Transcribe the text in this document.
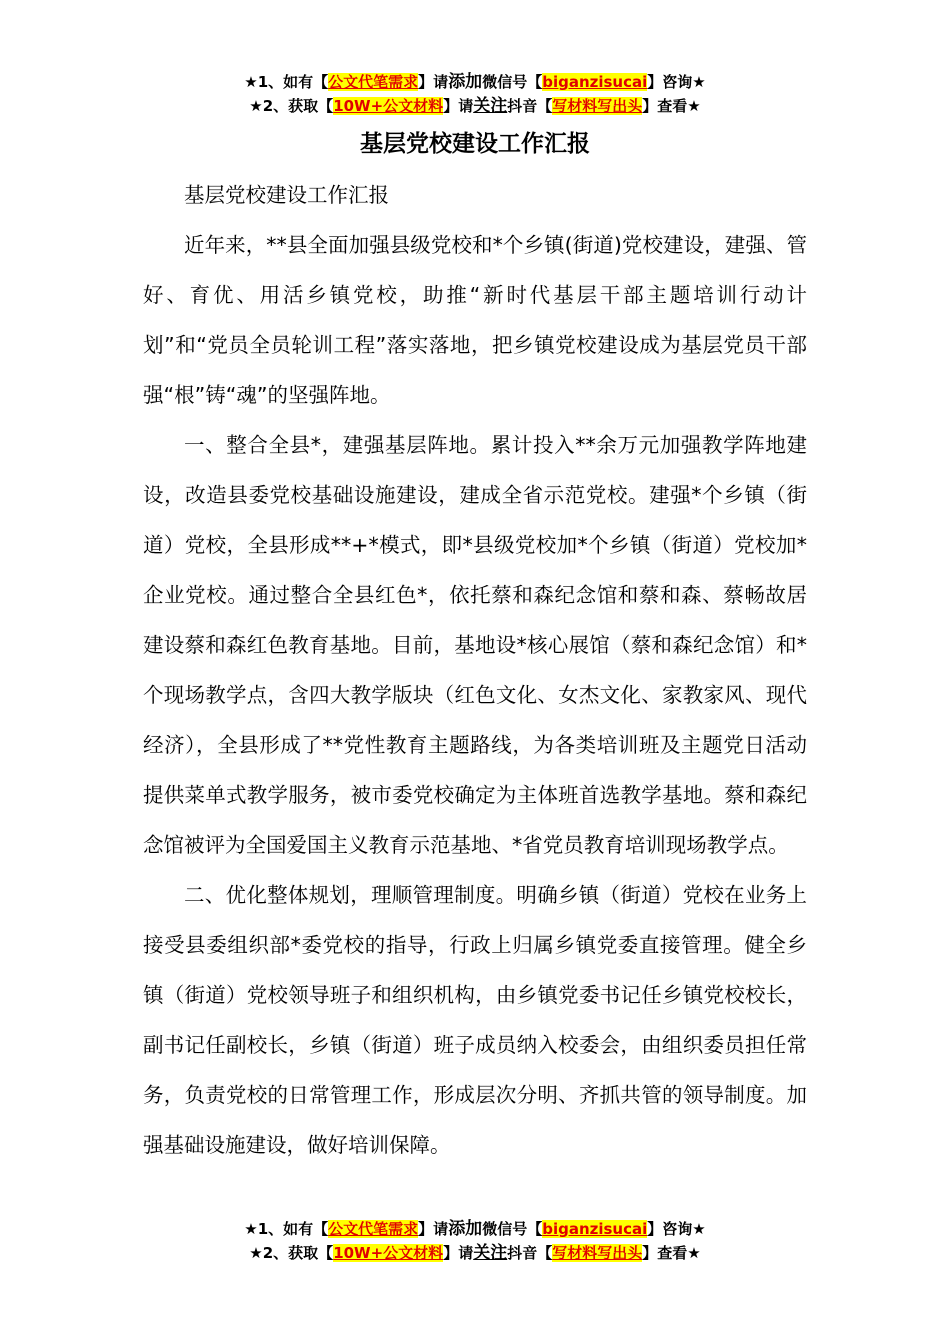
★1、如有【公文代笔需求】请添加微信号【biganzisucai】咨询★
★2、获取【10W+公文材料】请关注抖音【写材料写出头】查看★
基层党校建设工作汇报

基层党校建设工作汇报

近年来，**县全面加强县级党校和*个乡镇(街道)党校建设，建强、管好、育优、用活乡镇党校，助推“新时代基层干部主题培训行动计划”和“党员全员轮训工程”落实落地，把乡镇党校建设成为基层党员干部强“根”铸“魂”的坚强阵地。

一、整合全县*，建强基层阵地。累计投入**余万元加强教学阵地建设，改造县委党校基础设施建设，建成全省示范党校。建强*个乡镇（街道）党校，全县形成**+*模式，即*县级党校加*个乡镇（街道）党校加*企业党校。通过整合全县红色*，依托蔡和森纪念馆和蔡和森、蔡畅故居建设蔡和森红色教育基地。目前，基地设*核心展馆（蔡和森纪念馆）和*个现场教学点，含四大教学版块（红色文化、女杰文化、家教家风、现代经济），全县形成了**党性教育主题路线，为各类培训班及主题党日活动提供菜单式教学服务，被市委党校确定为主体班首选教学基地。蔡和森纪念馆被评为全国爱国主义教育示范基地、*省党员教育培训现场教学点。

二、优化整体规划，理顺管理制度。明确乡镇（街道）党校在业务上接受县委组织部*委党校的指导，行政上归属乡镇党委直接管理。健全乡镇（街道）党校领导班子和组织机构，由乡镇党委书记任乡镇党校校长，副书记任副校长，乡镇（街道）班子成员纳入校委会，由组织委员担任常务，负责党校的日常管理工作，形成层次分明、齐抓共管的领导制度。加强基础设施建设，做好培训保障。

★1、如有【公文代笔需求】请添加微信号【biganzisucai】咨询★
★2、获取【10W+公文材料】请关注抖音【写材料写出头】查看★
